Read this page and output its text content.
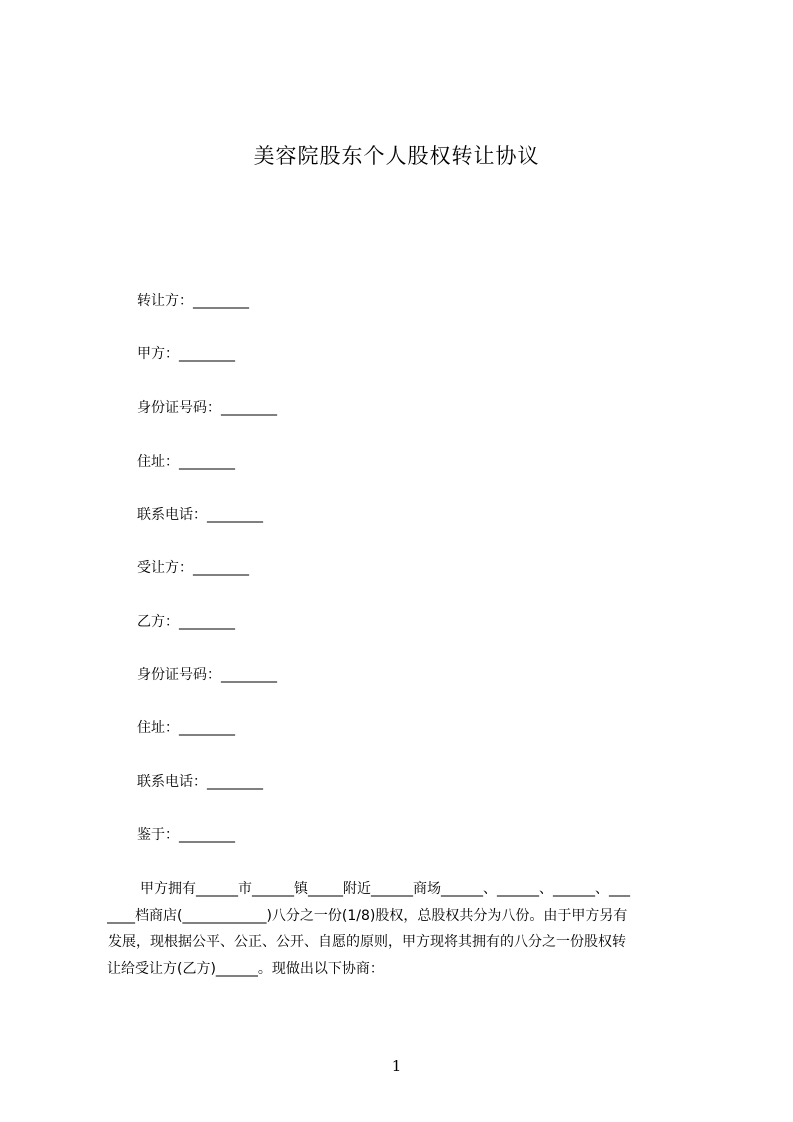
美容院股东个人股权转让协议
转让方：________
甲方：________
身份证号码：________
住址：________
联系电话：________
受让方：________
乙方：________
身份证号码：________
住址：________
联系电话：________
鉴于：________
甲方拥有______市______镇_____附近______商场______、______、______、___
____档商店(____________)八分之一份(1/8)股权，总股权共分为八份。由于甲方另有
发展，现根据公平、公正、公开、自愿的原则，甲方现将其拥有的八分之一份股权转
让给受让方(乙方)______。现做出以下协商：
1
